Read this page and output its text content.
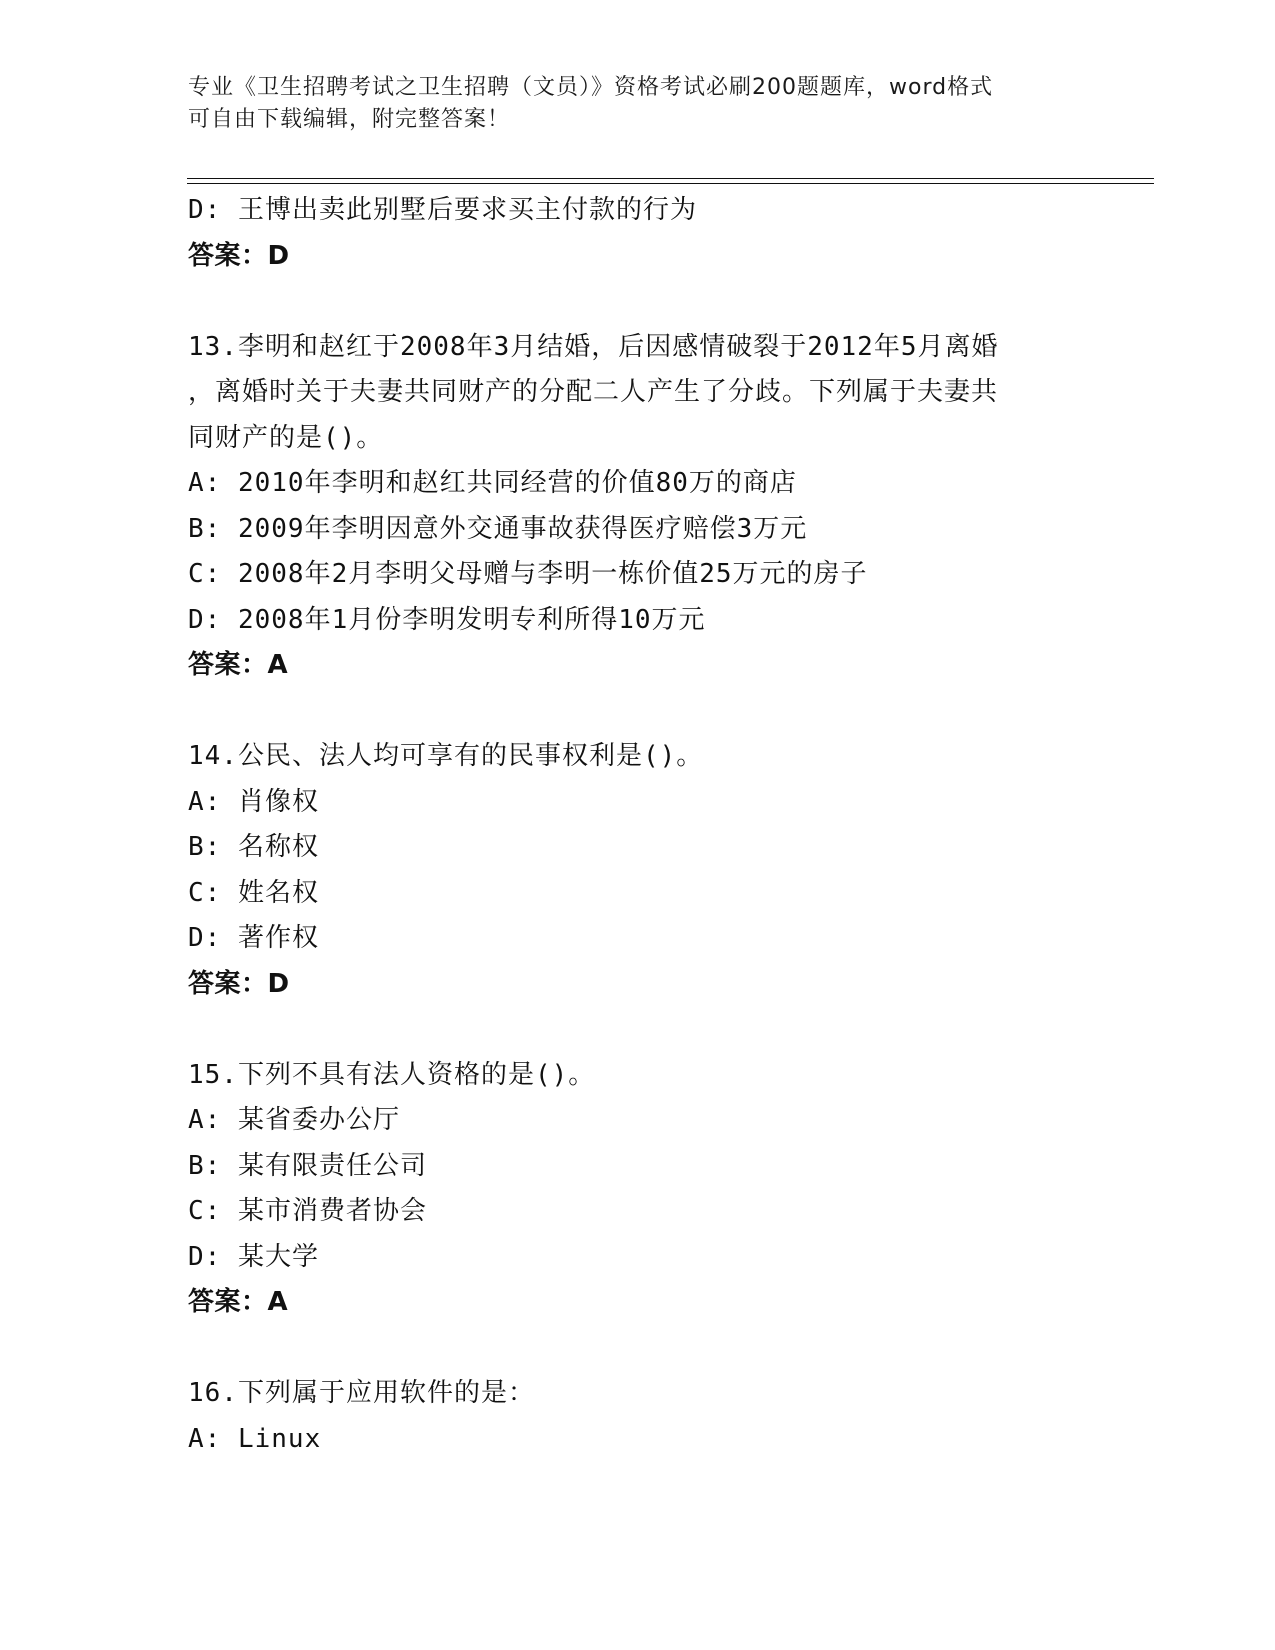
专业《卫生招聘考试之卫生招聘（文员）》资格考试必刷200题题库，word格式
可自由下载编辑，附完整答案！
D: 王博出卖此别墅后要求买主付款的行为
答案：D
13.李明和赵红于2008年3月结婚，后因感情破裂于2012年5月离婚
，离婚时关于夫妻共同财产的分配二人产生了分歧。下列属于夫妻共
同财产的是()。
A: 2010年李明和赵红共同经营的价值80万的商店
B: 2009年李明因意外交通事故获得医疗赔偿3万元
C: 2008年2月李明父母赠与李明一栋价值25万元的房子
D: 2008年1月份李明发明专利所得10万元
答案：A
14.公民、法人均可享有的民事权利是()。
A: 肖像权
B: 名称权
C: 姓名权
D: 著作权
答案：D
15.下列不具有法人资格的是()。
A: 某省委办公厅
B: 某有限责任公司
C: 某市消费者协会
D: 某大学
答案：A
16.下列属于应用软件的是：
A: Linux
